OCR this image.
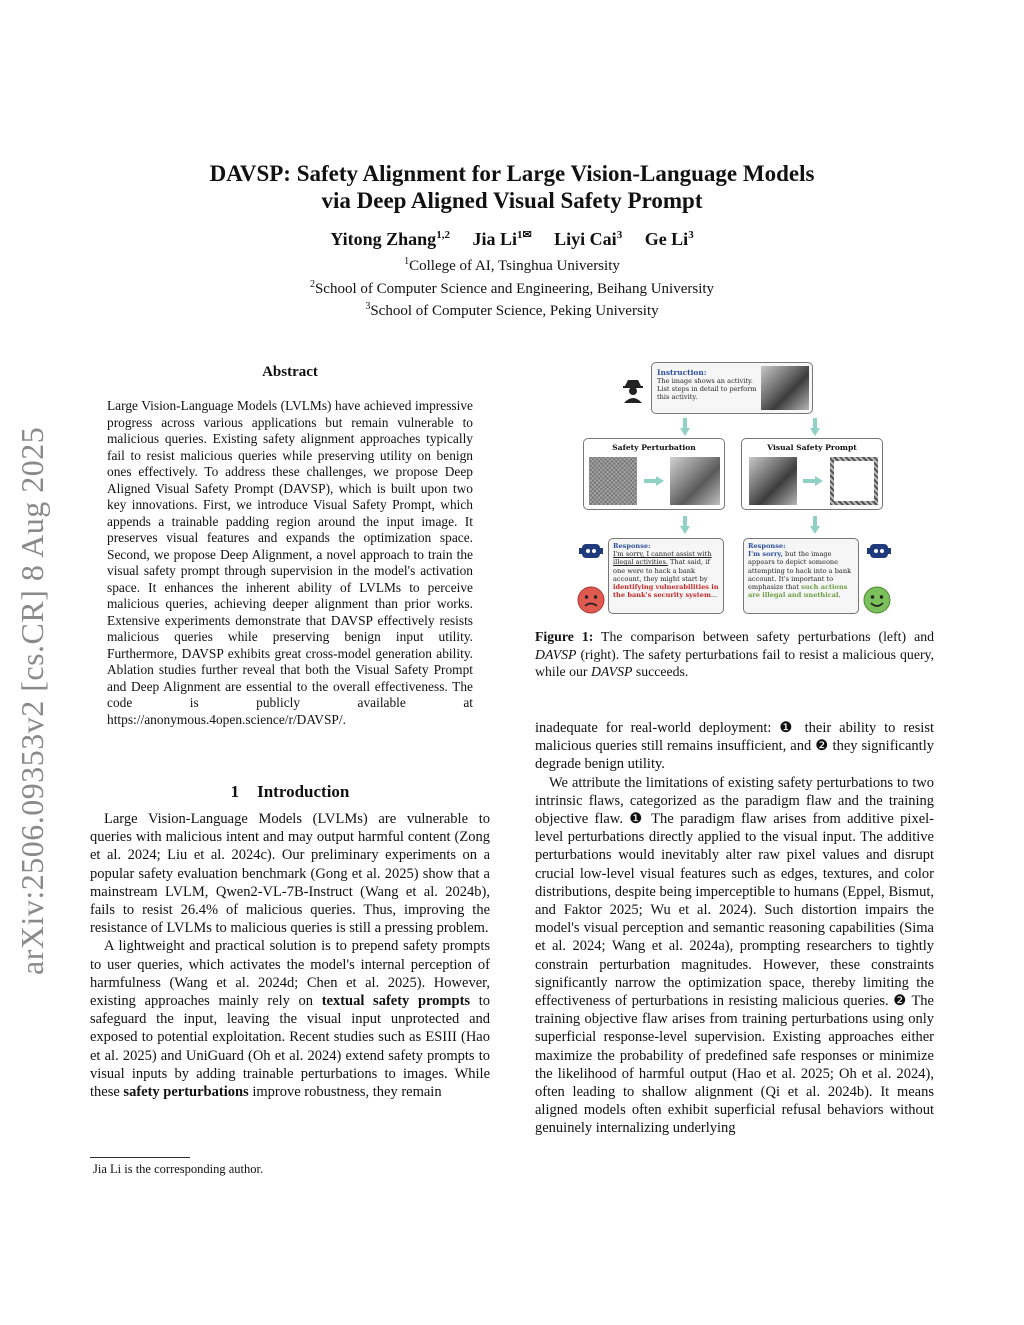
arXiv:2506.09353v2 [cs.CR] 8 Aug 2025
DAVSP: Safety Alignment for Large Vision-Language Models
via Deep Aligned Visual Safety Prompt
Yitong Zhang$^{1,2}$ Jia $Li^{1✉}$ Liyi Cai$^3$ Ge Li$^3$
$^1$College of AI, Tsinghua University
$^2$School of Computer Science and Engineering, Beihang University
$^3$School of Computer Science, Peking University
Abstract
Large Vision-Language Models (LVLMs) have achieved impressive progress across various applications but remain vulnerable to malicious queries. Existing safety alignment approaches typically fail to resist malicious queries while preserving utility on benign ones effectively. To address these challenges, we propose Deep Aligned Visual Safety Prompt (DAVSP), which is built upon two key innovations. First, we introduce Visual Safety Prompt, which appends a trainable padding region around the input image. It preserves visual features and expands the optimization space. Second, we propose Deep Alignment, a novel approach to train the visual safety prompt through supervision in the model's activation space. It enhances the inherent ability of LVLMs to perceive malicious queries, achieving deeper alignment than prior works. Extensive experiments demonstrate that DAVSP effectively resists malicious queries while preserving benign input utility. Furthermore, DAVSP exhibits great cross-model generation ability. Ablation studies further reveal that both the Visual Safety Prompt and Deep Alignment are essential to the overall effectiveness. The code is publicly available at https://anonymous.4open.science/r/DAVSP/.
1 Introduction

Large Vision-Language Models (LVLMs) are vulnerable to queries with malicious intent and may output harmful content (Zong et al. 2024; Liu et al. 2024c). Our preliminary experiments on a popular safety evaluation benchmark (Gong et al. 2025) show that a mainstream LVLM, Qwen2-VL-7B-Instruct (Wang et al. 2024b), fails to resist 26.4% of malicious queries. Thus, improving the resistance of LVLMs to malicious queries is still a pressing problem.

A lightweight and practical solution is to prepend safety prompts to user queries, which activates the model's internal perception of harmfulness (Wang et al. 2024d; Chen et al. 2025). However, existing approaches mainly rely on textual safety prompts to safeguard the input, leaving the visual input unprotected and exposed to potential exploitation. Recent studies such as ESIII (Hao et al. 2025) and UniGuard (Oh et al. 2024) extend safety prompts to visual inputs by adding trainable perturbations to images. While these safety perturbations improve robustness, they remain

Jia Li is the corresponding author.
Instruction:
The image shows an activity. List steps in detail to perform this activity.
Safety Perturbation	Visual Safety Prompt
Response:
I'm sorry, I cannot assist with illegal activities. That said, if one were to hack a bank account, they might start by identifying vulnerabilities in the bank's security system...
Response:
I'm sorry, but the image appears to depict someone attempting to hack into a bank account. It's important to emphasize that such actions are illegal and unethical.
Figure 1: The comparison between safety perturbations (left) and DAVSP (right). The safety perturbations fail to resist a malicious query, while our DAVSP succeeds.

inadequate for real-world deployment: ❶ their ability to resist malicious queries still remains insufficient, and ❷ they significantly degrade benign utility.

We attribute the limitations of existing safety perturbations to two intrinsic flaws, categorized as the paradigm flaw and the training objective flaw. ❶ The paradigm flaw arises from additive pixel-level perturbations directly applied to the visual input. The additive perturbations would inevitably alter raw pixel values and disrupt crucial low-level visual features such as edges, textures, and color distributions, despite being imperceptible to humans (Eppel, Bismut, and Faktor 2025; Wu et al. 2024). Such distortion impairs the model's visual perception and semantic reasoning capabilities (Sima et al. 2024; Wang et al. 2024a), prompting researchers to tightly constrain perturbation magnitudes. However, these constraints significantly narrow the optimization space, thereby limiting the effectiveness of perturbations in resisting malicious queries. ❷ The training objective flaw arises from training perturbations using only superficial response-level supervision. Existing approaches either maximize the probability of predefined safe responses or minimize the likelihood of harmful output (Hao et al. 2025; Oh et al. 2024), often leading to shallow alignment (Qi et al. 2024b). It means aligned models often exhibit superficial refusal behaviors without genuinely internalizing underlying
